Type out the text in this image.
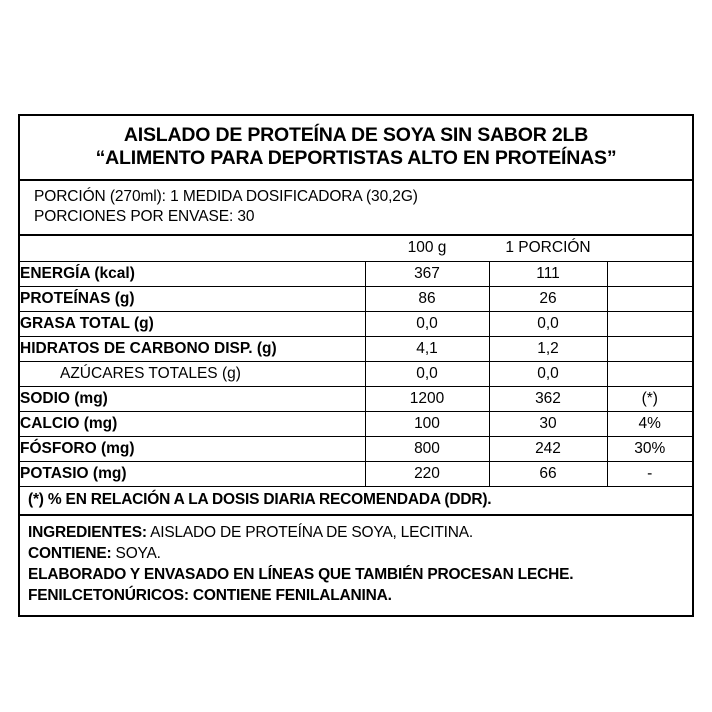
AISLADO DE PROTEÍNA DE SOYA SIN SABOR 2LB
“ALIMENTO PARA DEPORTISTAS ALTO EN PROTEÍNAS”
PORCIÓN (270ml): 1 MEDIDA DOSIFICADORA (30,2G)
PORCIONES POR ENVASE: 30
	100 g	1 PORCIÓN	
ENERGÍA (kcal)	367	111	
PROTEÍNAS (g)	86	26	
GRASA TOTAL (g)	0,0	0,0	
HIDRATOS DE CARBONO DISP. (g)	4,1	1,2	
AZÚCARES TOTALES (g)	0,0	0,0	
SODIO (mg)	1200	362	(*)
CALCIO (mg)	100	30	4%
FÓSFORO (mg)	800	242	30%
POTASIO (mg)	220	66	-
(*) % EN RELACIÓN A LA DOSIS DIARIA RECOMENDADA (DDR).
INGREDIENTES: AISLADO DE PROTEÍNA DE SOYA, LECITINA.
CONTIENE: SOYA.
ELABORADO Y ENVASADO EN LÍNEAS QUE TAMBIÉN PROCESAN LECHE.
FENILCETONÚRICOS: CONTIENE FENILALANINA.
